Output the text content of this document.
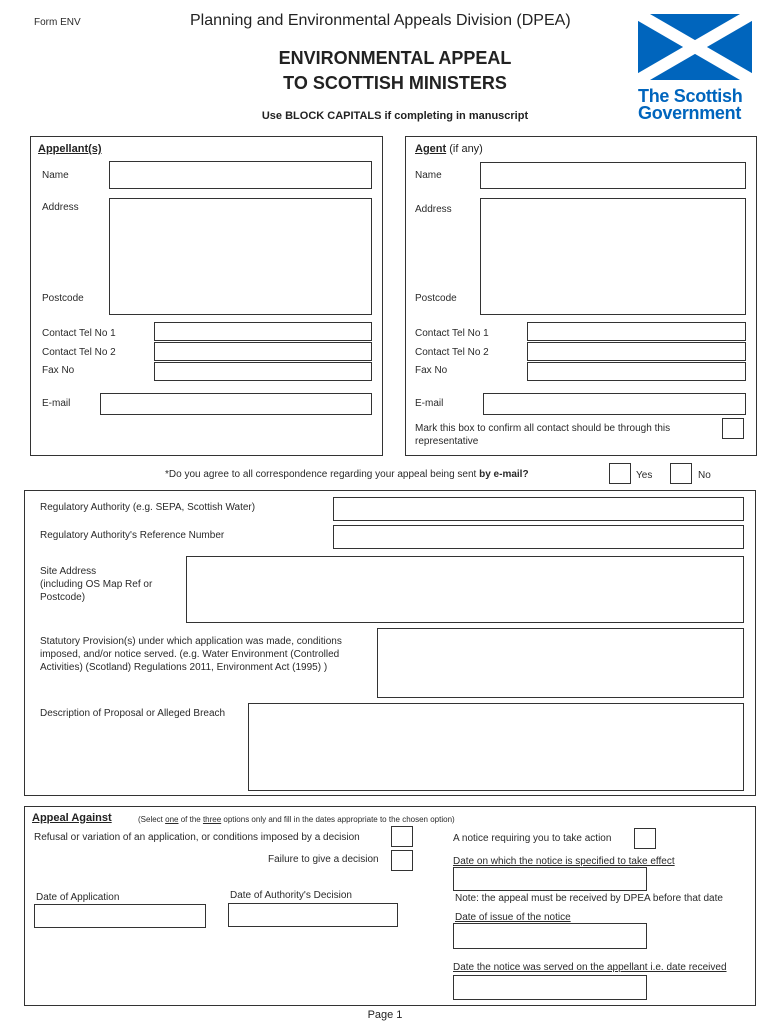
Form ENV	Planning and Environmental Appeals Division (DPEA)
ENVIRONMENTAL APPEAL
TO SCOTTISH MINISTERS
Use BLOCK CAPITALS if completing in manuscript
The Scottish
Government
Appellant(s)
Name
Address
Postcode
Contact Tel No 1
Contact Tel No 2
Fax No
E-mail
Agent (if any)
Name
Address
Postcode
Contact Tel No 1
Contact Tel No 2
Fax No
E-mail
Mark this box to confirm all contact should be through this representative
*Do you agree to all correspondence regarding your appeal being sent by e-mail?	Yes	No
Regulatory Authority (e.g. SEPA, Scottish Water)
Regulatory Authority's Reference Number
Site Address
(including OS Map Ref or
Postcode)
Statutory Provision(s) under which application was made, conditions
imposed, and/or notice served. (e.g. Water Environment (Controlled
Activities) (Scotland) Regulations 2011, Environment Act (1995) )
Description of Proposal or Alleged Breach
Appeal Against	(Select one of the three options only and fill in the dates appropriate to the chosen option)
Refusal or variation of an application, or conditions imposed by a decision
Failure to give a decision
Date of Application	Date of Authority's Decision
A notice requiring you to take action
Date on which the notice is specified to take effect
Note: the appeal must be received by DPEA before that date
Date of issue of the notice
Date the notice was served on the appellant i.e. date received
Page 1
